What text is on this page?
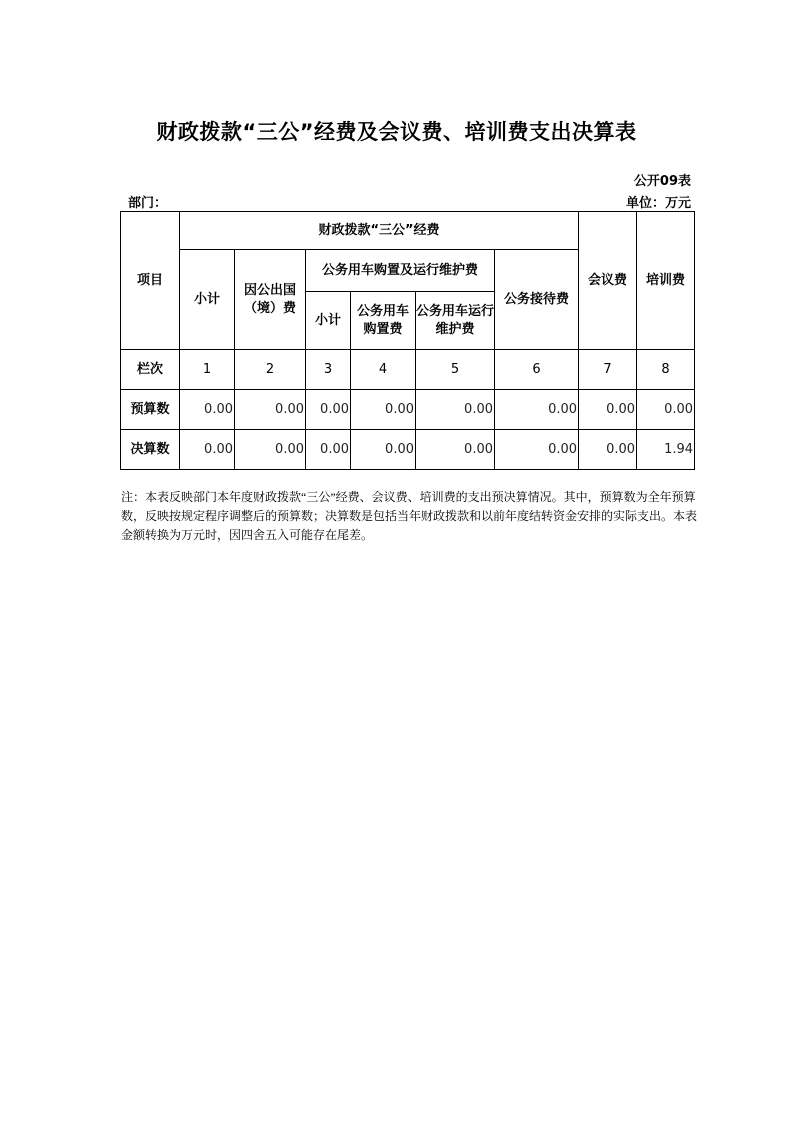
财政拨款“三公”经费及会议费、培训费支出决算表
公开09表
部门：	单位：万元
项目	财政拨款“三公”经费						会议费	培训费
	小计	因公出国（境）费	公务用车购置及运行维护费			公务接待费		
			小计	公务用车购置费	公务用车运行维护费			
栏次	1	2	3	4	5	6	7	8
预算数	0.00	0.00	0.00	0.00	0.00	0.00	0.00	0.00
决算数	0.00	0.00	0.00	0.00	0.00	0.00	0.00	1.94
注：本表反映部门本年度财政拨款“三公”经费、会议费、培训费的支出预决算情况。其中，预算数为全年预算数，反映按规定程序调整后的预算数；决算数是包括当年财政拨款和以前年度结转资金安排的实际支出。本表金额转换为万元时，因四舍五入可能存在尾差。
